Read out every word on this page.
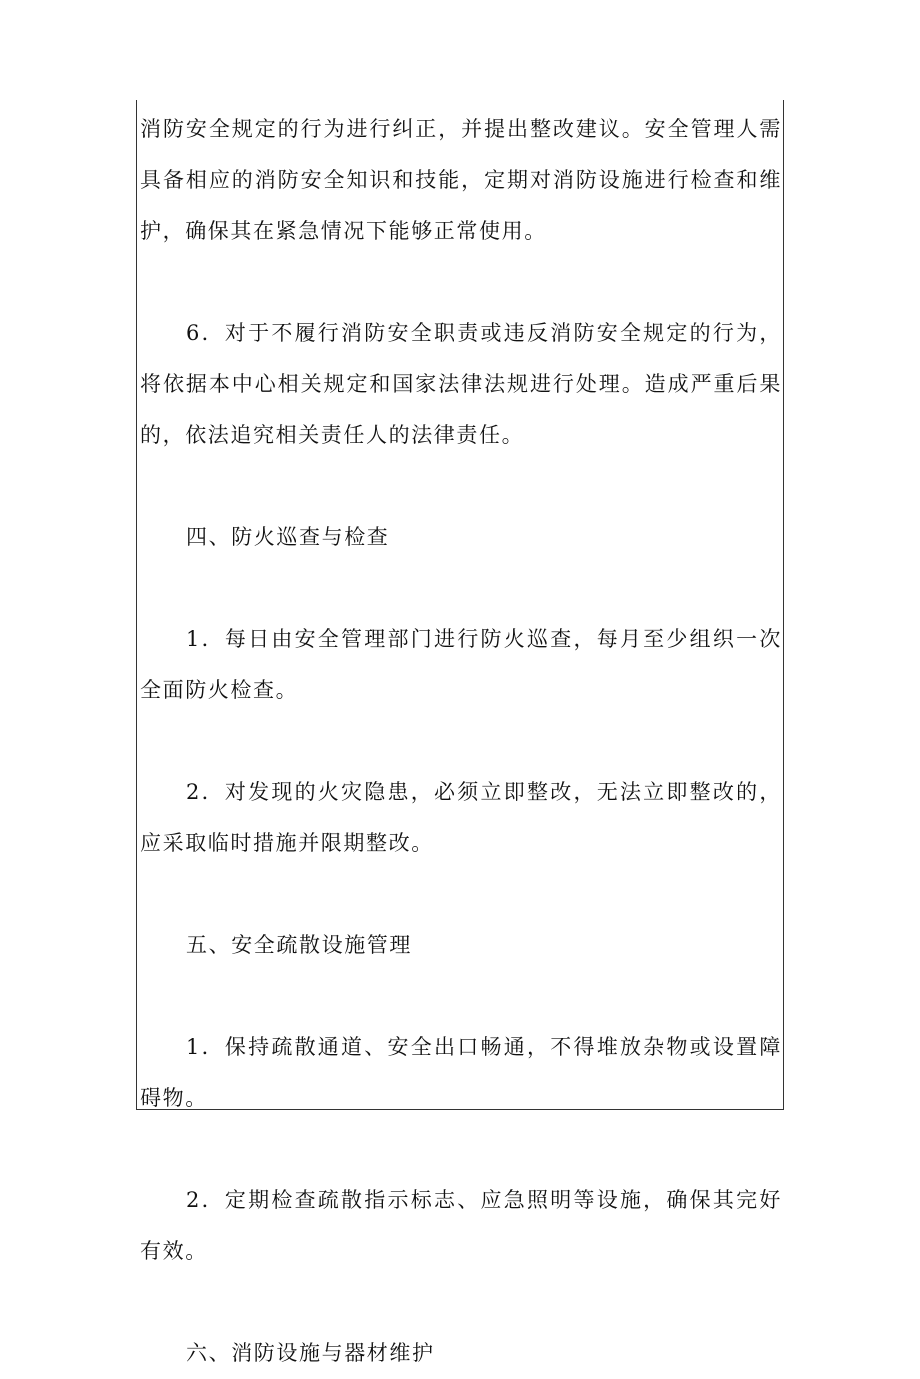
消防安全规定的行为进行纠正，并提出整改建议。安全管理人需具备相应的消防安全知识和技能，定期对消防设施进行检查和维护，确保其在紧急情况下能够正常使用。

6．对于不履行消防安全职责或违反消防安全规定的行为，将依据本中心相关规定和国家法律法规进行处理。造成严重后果的，依法追究相关责任人的法律责任。

四、防火巡查与检查

1．每日由安全管理部门进行防火巡查，每月至少组织一次全面防火检查。

2．对发现的火灾隐患，必须立即整改，无法立即整改的，应采取临时措施并限期整改。

五、安全疏散设施管理

1．保持疏散通道、安全出口畅通，不得堆放杂物或设置障碍物。

2．定期检查疏散指示标志、应急照明等设施，确保其完好有效。

六、消防设施与器材维护
